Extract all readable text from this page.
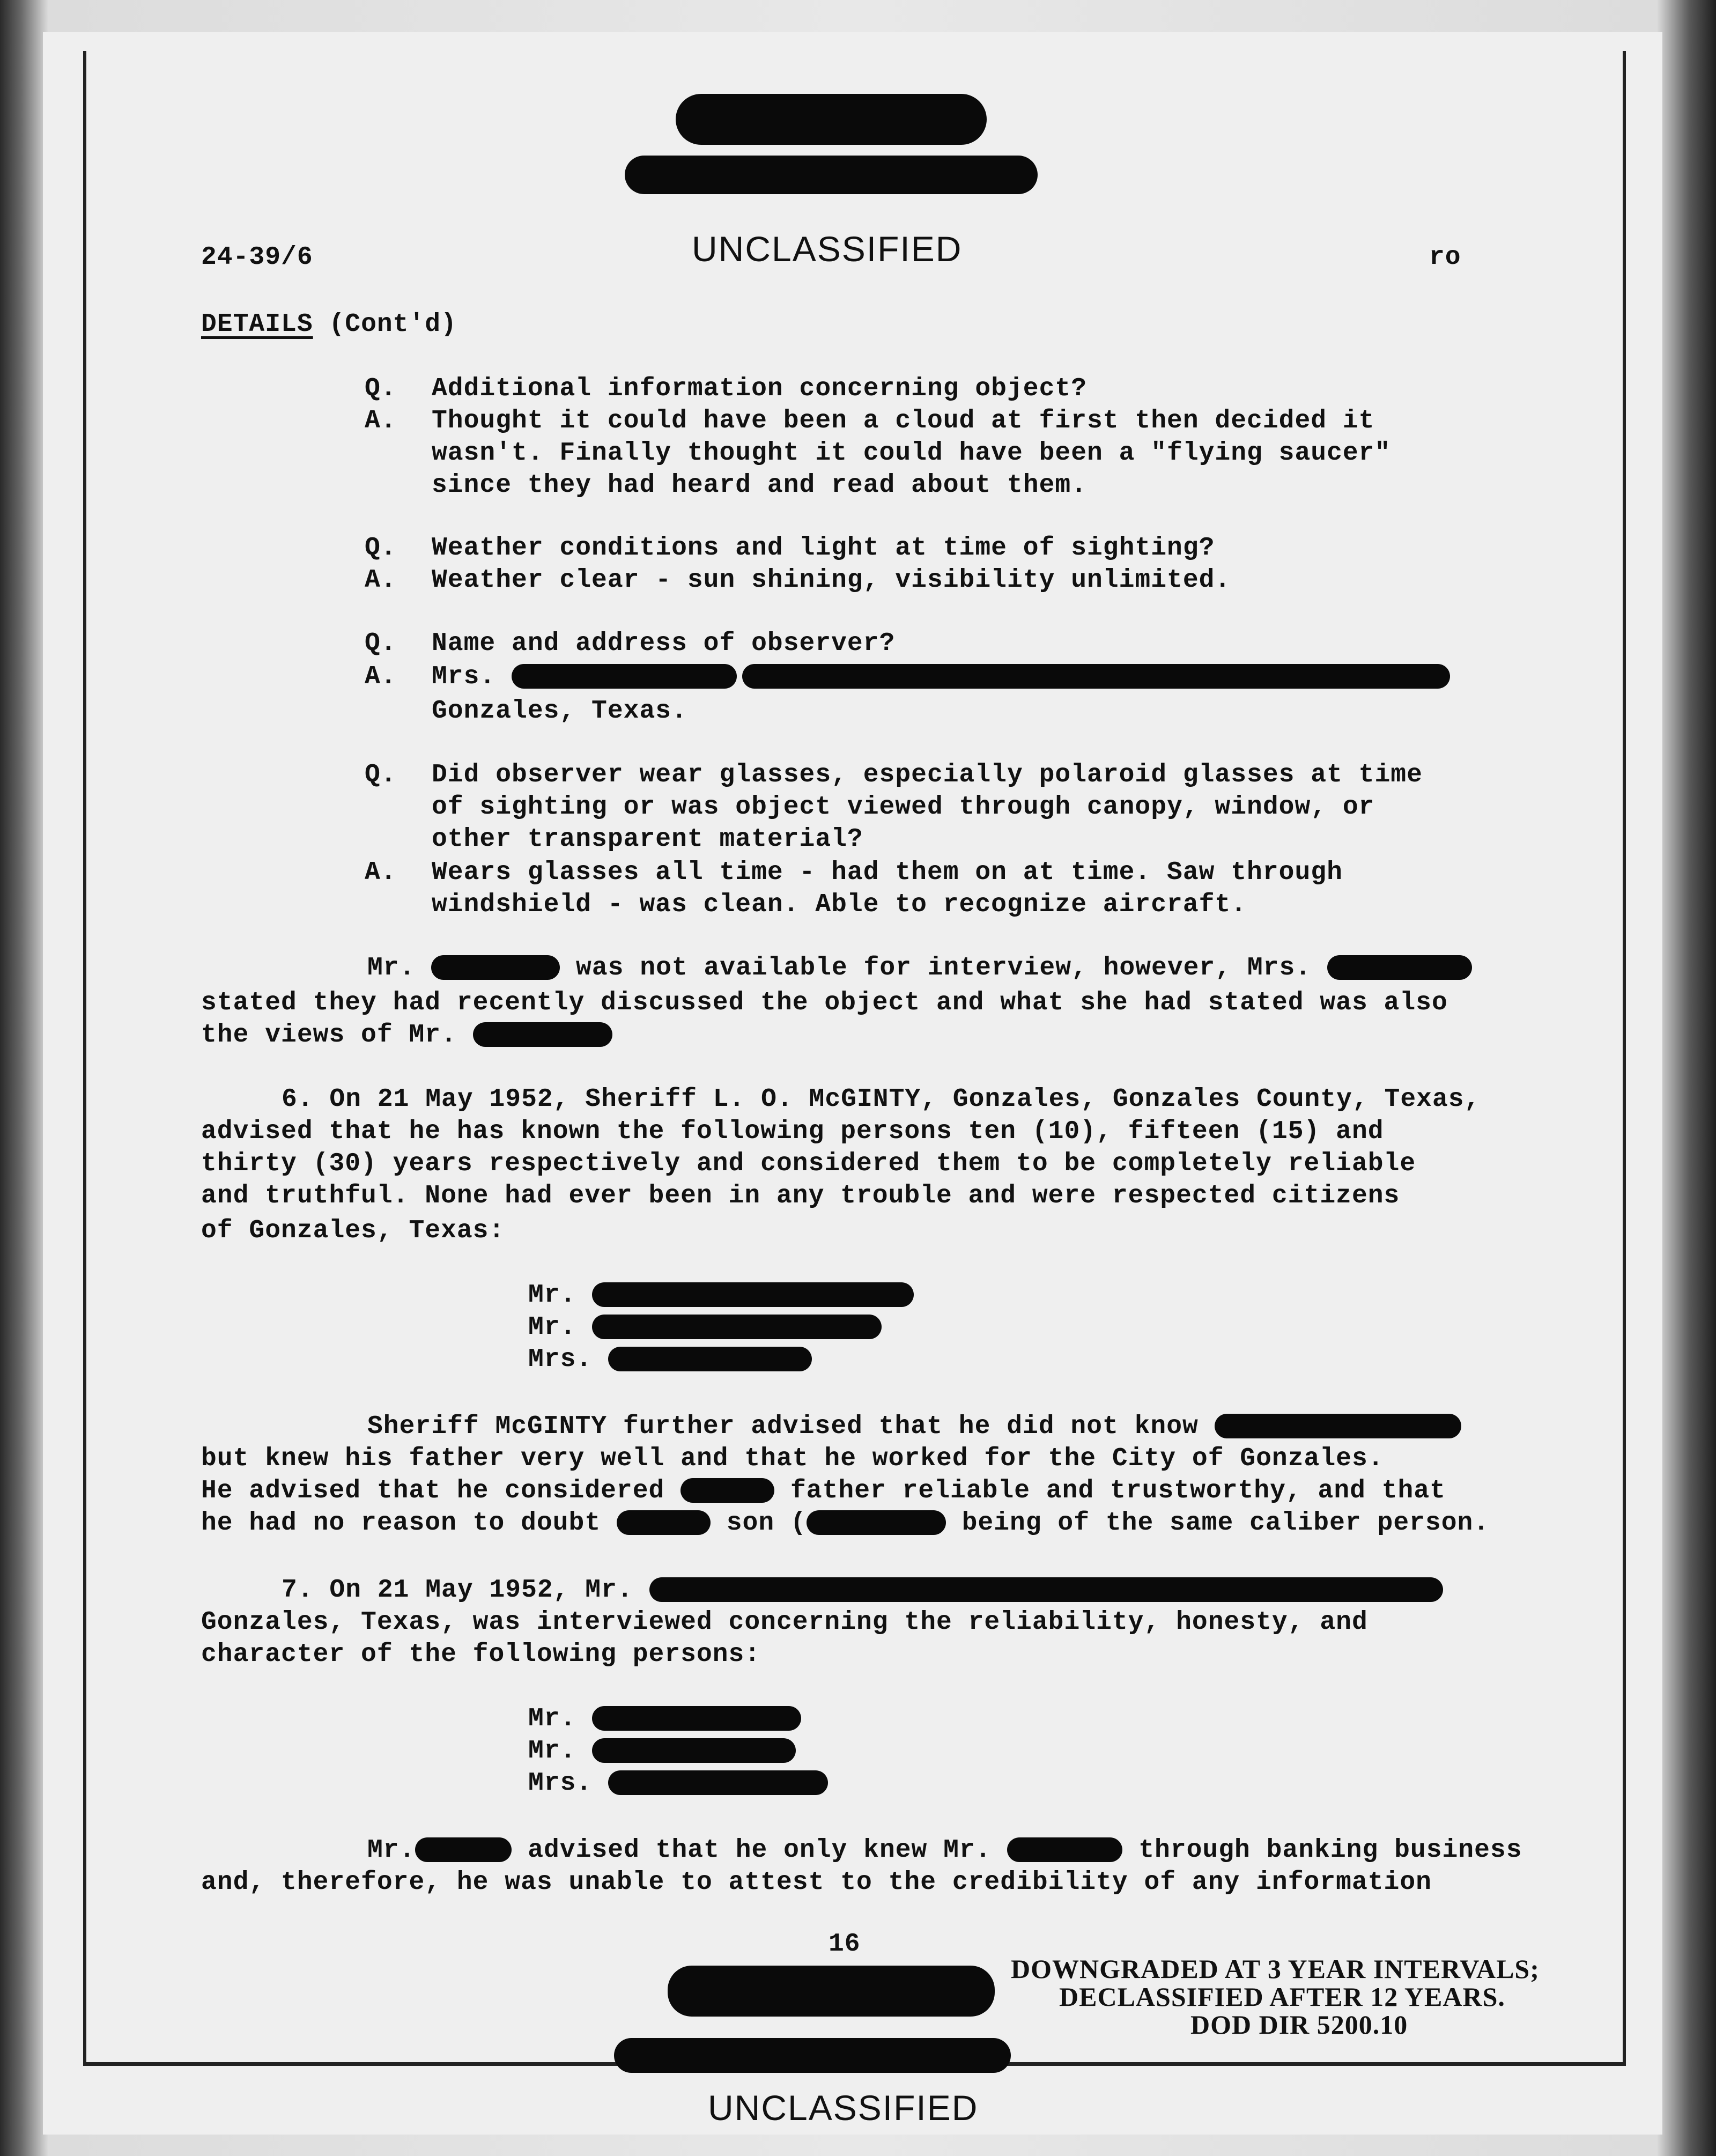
24-39/6	UNCLASSIFIED	ro
DETAILS (Cont'd)
Q. Additional information concerning object?
A. Thought it could have been a cloud at first then decided it
wasn't. Finally thought it could have been a "flying saucer"
since they had heard and read about them.
Q. Weather conditions and light at time of sighting?
A. Weather clear - sun shining, visibility unlimited.
Q. Name and address of observer?
A. Mrs.
Gonzales, Texas.
Q. Did observer wear glasses, especially polaroid glasses at time
of sighting or was object viewed through canopy, window, or
other transparent material?
A. Wears glasses all time - had them on at time. Saw through
windshield - was clean. Able to recognize aircraft.
Mr.	was not available for interview, however, Mrs.
stated they had recently discussed the object and what she had stated was also
the views of Mr.
6. On 21 May 1952, Sheriff L. O. McGINTY, Gonzales, Gonzales County, Texas,
advised that he has known the following persons ten (10), fifteen (15) and
thirty (30) years respectively and considered them to be completely reliable
and truthful. None had ever been in any trouble and were respected citizens
of Gonzales, Texas:
Mr.
Mr.
Mrs.
Sheriff McGINTY further advised that he did not know
but knew his father very well and that he worked for the City of Gonzales.
He advised that he considered	father reliable and trustworthy, and that
he had no reason to doubt	son (	being of the same caliber person.
7. On 21 May 1952, Mr.
Gonzales, Texas, was interviewed concerning the reliability, honesty, and
character of the following persons:
Mr.
Mr.
Mrs.
Mr.	advised that he only knew Mr.	through banking business
and, therefore, he was unable to attest to the credibility of any information
16
DOWNGRADED AT 3 YEAR INTERVALS;
DECLASSIFIED AFTER 12 YEARS.
DOD DIR 5200.10
UNCLASSIFIED
